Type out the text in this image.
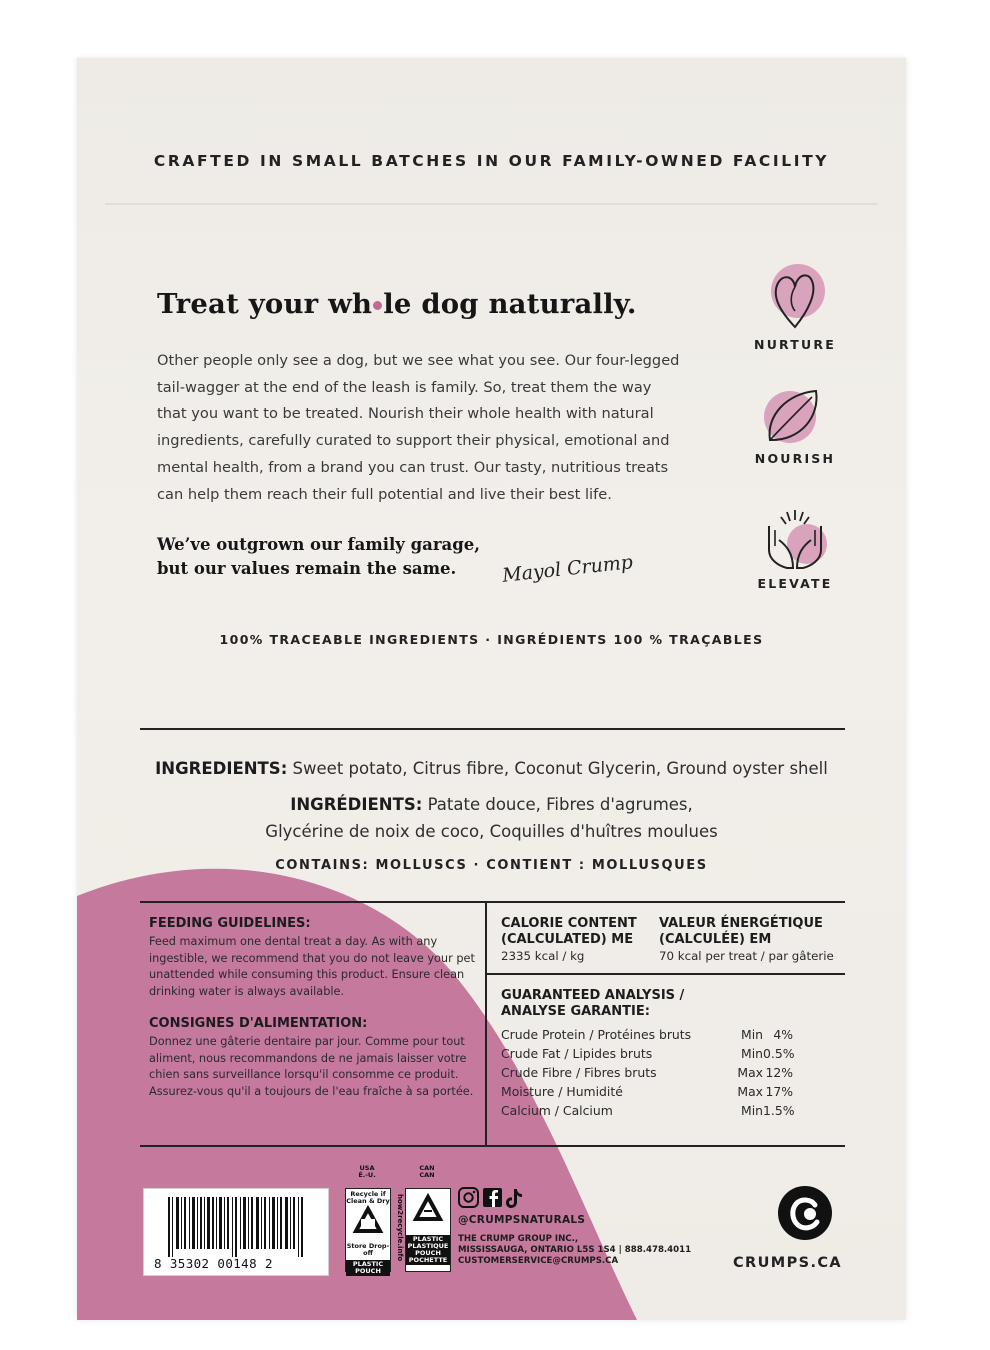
CRAFTED IN SMALL BATCHES IN OUR FAMILY-OWNED FACILITY
Treat your wh le dog naturally.
Other people only see a dog, but we see what you see. Our four-legged
tail-wagger at the end of the leash is family. So, treat them the way
that you want to be treated. Nourish their whole health with natural
ingredients, carefully curated to support their physical, emotional and
mental health, from a brand you can trust. Our tasty, nutritious treats
can help them reach their full potential and live their best life.
We’ve outgrown our family garage,
but our values remain the same.	Mayol Crump
NURTURE
NOURISH
ELEVATE
100% TRACEABLE INGREDIENTS · INGRÉDIENTS 100 % TRAÇABLES
INGREDIENTS: Sweet potato, Citrus fibre, Coconut Glycerin, Ground oyster shell
INGRÉDIENTS: Patate douce, Fibres d'agrumes,
Glycérine de noix de coco, Coquilles d'huîtres moulues
CONTAINS: MOLLUSCS · CONTIENT : MOLLUSQUES
FEEDING GUIDELINES:
Feed maximum one dental treat a day. As with any
ingestible, we recommend that you do not leave your pet
unattended while consuming this product. Ensure clean
drinking water is always available.
CONSIGNES D'ALIMENTATION:
Donnez une gâterie dentaire par jour. Comme pour tout
aliment, nous recommandons de ne jamais laisser votre
chien sans surveillance lorsqu'il consomme ce produit.
Assurez-vous qu'il a toujours de l'eau fraîche à sa portée.
CALORIE CONTENT
(CALCULATED) ME
2335 kcal / kg
VALEUR ÉNERGÉTIQUE
(CALCULÉE) EM
70 kcal per treat / par gâterie
GUARANTEED ANALYSIS /
ANALYSE GARANTIE:
Crude Protein / Protéines bruts	Min 4%
Crude Fat / Lipides bruts	Min 0.5%
Crude Fibre / Fibres bruts	Max 12%
Moisture / Humidité	Max 17%
Calcium / Calcium	Min 1.5%
8 35302 00148 2
USA
É.-U.
CAN
CAN
Recycle if Clean & Dry
Store Drop-off
PLASTIC
POUCH
how2recycle.info	PLASTIC
PLASTIQUE
POUCH
POCHETTE
@CRUMPSNATURALS
THE CRUMP GROUP INC.,
MISSISSAUGA, ONTARIO L5S 1S4 | 888.478.4011
CUSTOMERSERVICE@CRUMPS.CA	CRUMPS.CA
